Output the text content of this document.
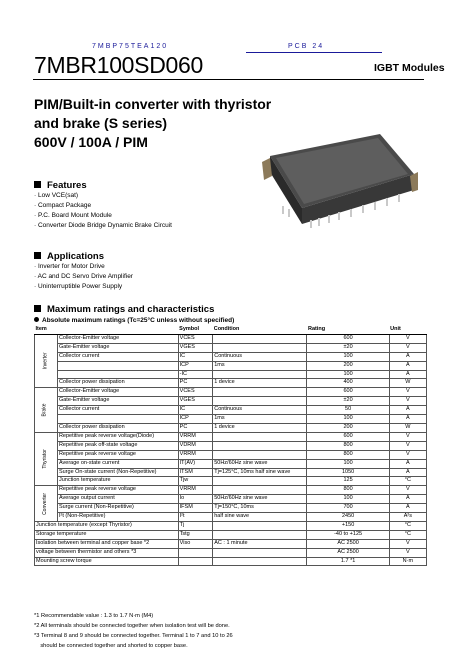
7MBP75TEA120	PCB 24
7MBR100SD060	IGBT Modules
PIM/Built-in converter with thyristor
and brake (S series)
600V / 100A / PIM
Features
· Low VCE(sat)
· Compact Package
· P.C. Board Mount Module
· Converter Diode Bridge Dynamic Brake Circuit
Applications
· Inverter for Motor Drive
· AC and DC Servo Drive Amplifier
· Uninterruptible Power Supply
Maximum ratings and characteristics
Absolute maximum ratings (Tc=25°C unless without specified)
Item		Symbol	Condition	Rating	Unit
Inverter	Collector-Emitter voltage	VCES		600	V
	Gate-Emitter voltage	VGES		±20	V
	Collector current	IC	Continuous	100	A
		ICP	1ms	200	A
		-IC		100	A
	Collector power dissipation	PC	1 device	400	W
Brake	Collector-Emitter voltage	VCES		600	V
	Gate-Emitter voltage	VGES		±20	V
	Collector current	IC	Continuous	50	A
		ICP	1ms	100	A
	Collector power dissipation	PC	1 device	200	W
Thyristor	Repetitive peak reverse voltage(Diode)	VRRM		600	V
	Repetitive peak off-state voltage	VDRM		800	V
	Repetitive peak reverse voltage	VRRM		800	V
	Average on-state current	IT(AV)	50Hz/60Hz sine wave	100	A
	Surge On-state current (Non-Repetitive)	ITSM	Tj=125°C, 10ms half sine wave	1050	A
	Junction temperature	Tjw		125	°C
Converter	Repetitive peak reverse voltage	VRRM		800	V
	Average output current	Io	50Hz/60Hz sine wave	100	A
	Surge current (Non-Repetitive)	IFSM	Tj=150°C, 10ms	700	A
	I²t (Non-Repetitive)	I²t	half sine wave	2450	A²s
Junction temperature (except Thyristor)		Tj		+150	°C
Storage temperature		Tstg		-40 to +125	°C
Isolation between terminal and copper base *2		Viso	AC : 1 minute	AC 2500	V
voltage between thermistor and others *3				AC 2500	V
Mounting screw torque				1.7 *1	N·m
*1 Recommendable value : 1.3 to 1.7 N·m (M4)
*2 All terminals should be connected together when isolation test will be done.
*3 Terminal 8 and 9 should be connected together. Terminal 1 to 7 and 10 to 26
should be connected together and shorted to copper base.
